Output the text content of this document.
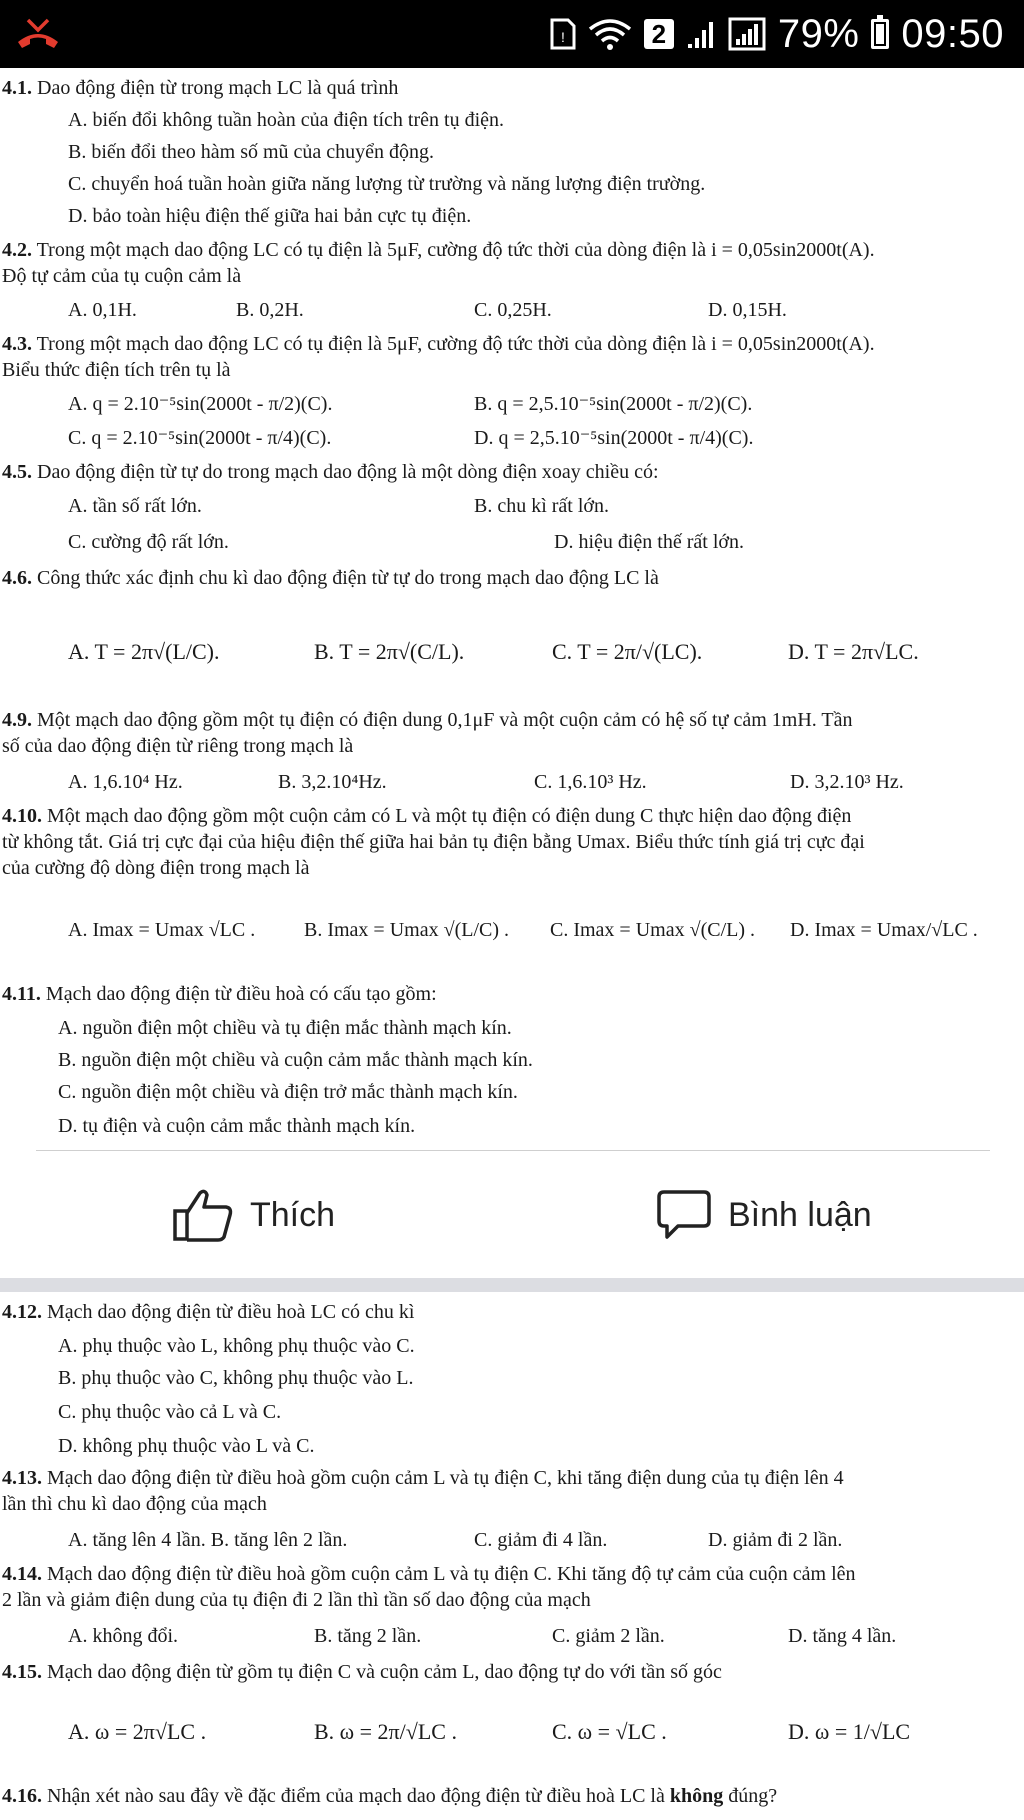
!	2	79% 09:50
4.1. Dao động điện từ trong mạch LC là quá trình
A. biến đổi không tuần hoàn của điện tích trên tụ điện.
B. biến đổi theo hàm số mũ của chuyển động.
C. chuyển hoá tuần hoàn giữa năng lượng từ trường và năng lượng điện trường.
D. bảo toàn hiệu điện thế giữa hai bản cực tụ điện.
4.2. Trong một mạch dao động LC có tụ điện là 5μF, cường độ tức thời của dòng điện là i = 0,05sin2000t(A).
Độ tự cảm của tụ cuộn cảm là
A. 0,1H.	B. 0,2H.	C. 0,25H.	D. 0,15H.
4.3. Trong một mạch dao động LC có tụ điện là 5μF, cường độ tức thời của dòng điện là i = 0,05sin2000t(A).
Biểu thức điện tích trên tụ là
A. q = 2.10⁻⁵sin(2000t - π/2)(C).	B. q = 2,5.10⁻⁵sin(2000t - π/2)(C).
C. q = 2.10⁻⁵sin(2000t - π/4)(C).	D. q = 2,5.10⁻⁵sin(2000t - π/4)(C).
4.5. Dao động điện từ tự do trong mạch dao động là một dòng điện xoay chiều có:
A. tần số rất lớn.	B. chu kì rất lớn.
C. cường độ rất lớn.	D. hiệu điện thế rất lớn.
4.6. Công thức xác định chu kì dao động điện từ tự do trong mạch dao động LC là
A. T = 2π√(L/C).	B. T = 2π√(C/L).	C. T = 2π/√(LC).	D. T = 2π√LC.
4.9. Một mạch dao động gồm một tụ điện có điện dung 0,1μF và một cuộn cảm có hệ số tự cảm 1mH. Tần
số của dao động điện từ riêng trong mạch là
A. 1,6.10⁴ Hz.	B. 3,2.10⁴Hz.	C. 1,6.10³ Hz.	D. 3,2.10³ Hz.
4.10. Một mạch dao động gồm một cuộn cảm có L và một tụ điện có điện dung C thực hiện dao động điện
từ không tắt. Giá trị cực đại của hiệu điện thế giữa hai bản tụ điện bằng Umax. Biểu thức tính giá trị cực đại
của cường độ dòng điện trong mạch là
A. Imax = Umax √LC . B. Imax = Umax √(L/C) . C. Imax = Umax √(C/L) . D. Imax = Umax/√LC .
4.11. Mạch dao động điện từ điều hoà có cấu tạo gồm:
A. nguồn điện một chiều và tụ điện mắc thành mạch kín.
B. nguồn điện một chiều và cuộn cảm mắc thành mạch kín.
C. nguồn điện một chiều và điện trở mắc thành mạch kín.
D. tụ điện và cuộn cảm mắc thành mạch kín.
Thích	Bình luận
4.12. Mạch dao động điện từ điều hoà LC có chu kì
A. phụ thuộc vào L, không phụ thuộc vào C.
B. phụ thuộc vào C, không phụ thuộc vào L.
C. phụ thuộc vào cả L và C.
D. không phụ thuộc vào L và C.
4.13. Mạch dao động điện từ điều hoà gồm cuộn cảm L và tụ điện C, khi tăng điện dung của tụ điện lên 4
lần thì chu kì dao động của mạch
A. tăng lên 4 lần. B. tăng lên 2 lần.	C. giảm đi 4 lần.	D. giảm đi 2 lần.
4.14. Mạch dao động điện từ điều hoà gồm cuộn cảm L và tụ điện C. Khi tăng độ tự cảm của cuộn cảm lên
2 lần và giảm điện dung của tụ điện đi 2 lần thì tần số dao động của mạch
A. không đổi.	B. tăng 2 lần.	C. giảm 2 lần.	D. tăng 4 lần.
4.15. Mạch dao động điện từ gồm tụ điện C và cuộn cảm L, dao động tự do với tần số góc
A. ω = 2π√LC .	B. ω = 2π/√LC .	C. ω = √LC .	D. ω = 1/√LC
4.16. Nhận xét nào sau đây về đặc điểm của mạch dao động điện từ điều hoà LC là không đúng?
